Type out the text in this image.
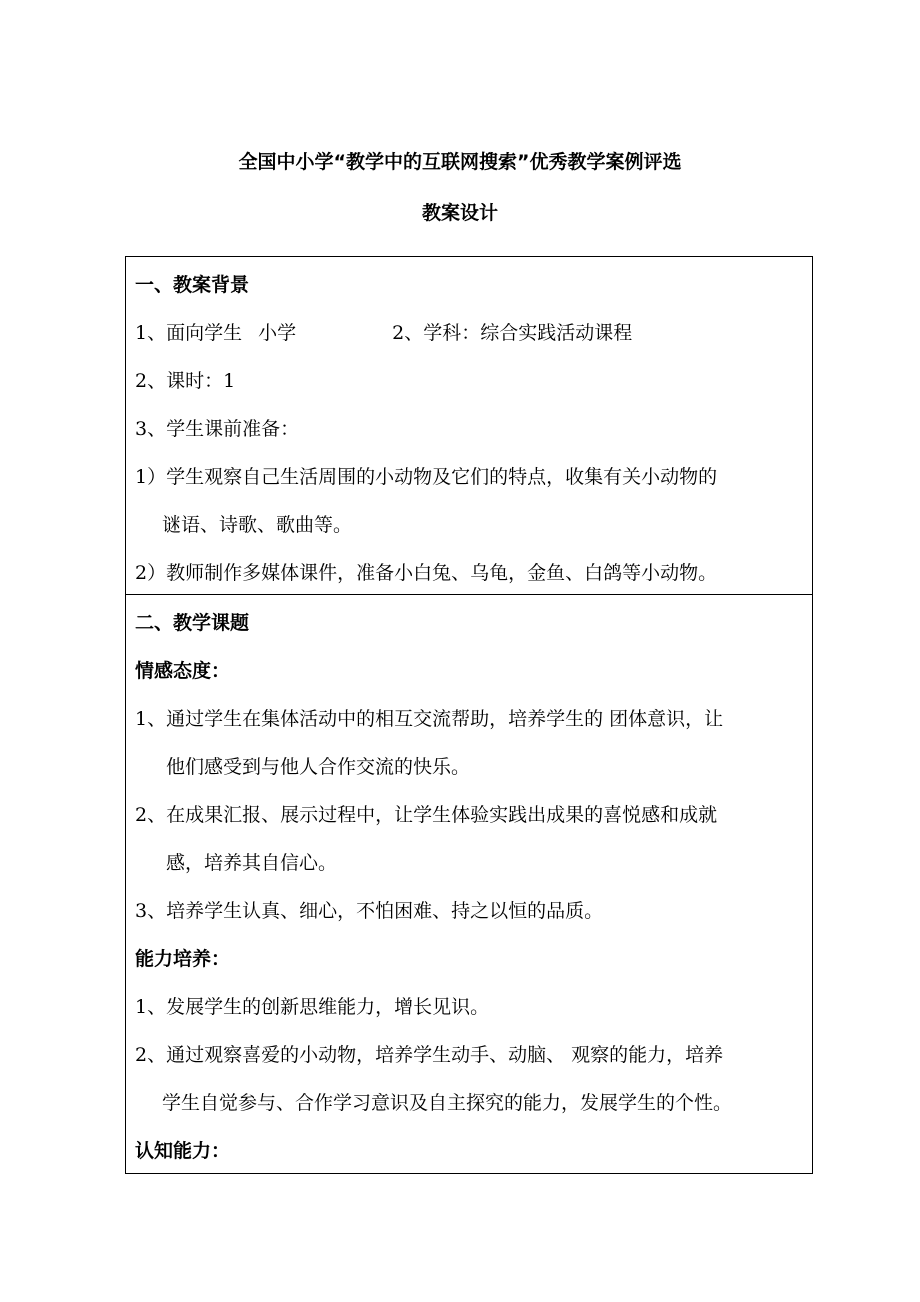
全国中小学“教学中的互联网搜索”优秀教学案例评选
教案设计

一、教案背景

1、面向学生 小学	2、学科：综合实践活动课程

2、课时：1

3、学生课前准备：

1）学生观察自己生活周围的小动物及它们的特点，收集有关小动物的

谜语、诗歌、歌曲等。

2）教师制作多媒体课件，准备小白兔、乌龟，金鱼、白鸽等小动物。

二、教学课题

情感态度：

1、通过学生在集体活动中的相互交流帮助，培养学生的 团体意识，让

他们感受到与他人合作交流的快乐。

2、在成果汇报、展示过程中，让学生体验实践出成果的喜悦感和成就

感，培养其自信心。

3、培养学生认真、细心，不怕困难、持之以恒的品质。

能力培养：

1、发展学生的创新思维能力，增长见识。

2、通过观察喜爱的小动物，培养学生动手、动脑、 观察的能力，培养

学生自觉参与、合作学习意识及自主探究的能力，发展学生的个性。

认知能力：
